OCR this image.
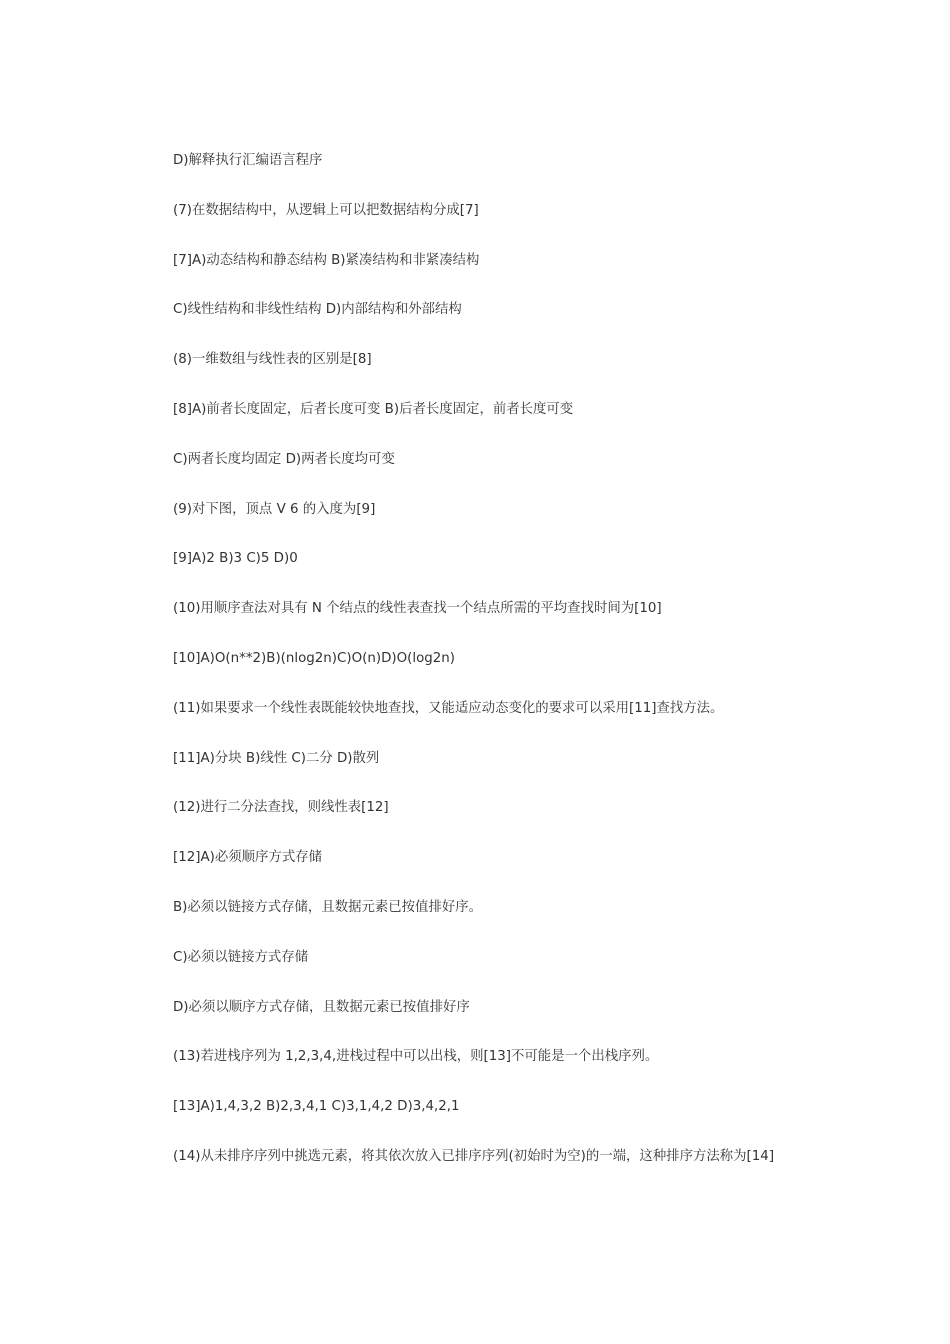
D)解释执行汇编语言程序

(7)在数据结构中，从逻辑上可以把数据结构分成[7]

[7]A)动态结构和静态结构 B)紧凑结构和非紧凑结构

C)线性结构和非线性结构 D)内部结构和外部结构

(8)一维数组与线性表的区别是[8]

[8]A)前者长度固定，后者长度可变 B)后者长度固定，前者长度可变

C)两者长度均固定 D)两者长度均可变

(9)对下图，顶点 V 6 的入度为[9]

[9]A)2 B)3 C)5 D)0

(10)用顺序查法对具有 N 个结点的线性表查找一个结点所需的平均查找时间为[10]

[10]A)O(n**2)B)(nlog2n)C)O(n)D)O(log2n)

(11)如果要求一个线性表既能较快地查找，又能适应动态变化的要求可以采用[11]查找方法。

[11]A)分块 B)线性 C)二分 D)散列

(12)进行二分法查找，则线性表[12]

[12]A)必须顺序方式存储

B)必须以链接方式存储，且数据元素已按值排好序。

C)必须以链接方式存储

D)必须以顺序方式存储，且数据元素已按值排好序

(13)若进栈序列为 1,2,3,4,进栈过程中可以出栈，则[13]不可能是一个出栈序列。

[13]A)1,4,3,2 B)2,3,4,1 C)3,1,4,2 D)3,4,2,1

(14)从未排序序列中挑选元素，将其依次放入已排序序列(初始时为空)的一端，这种排序方法称为[14]
